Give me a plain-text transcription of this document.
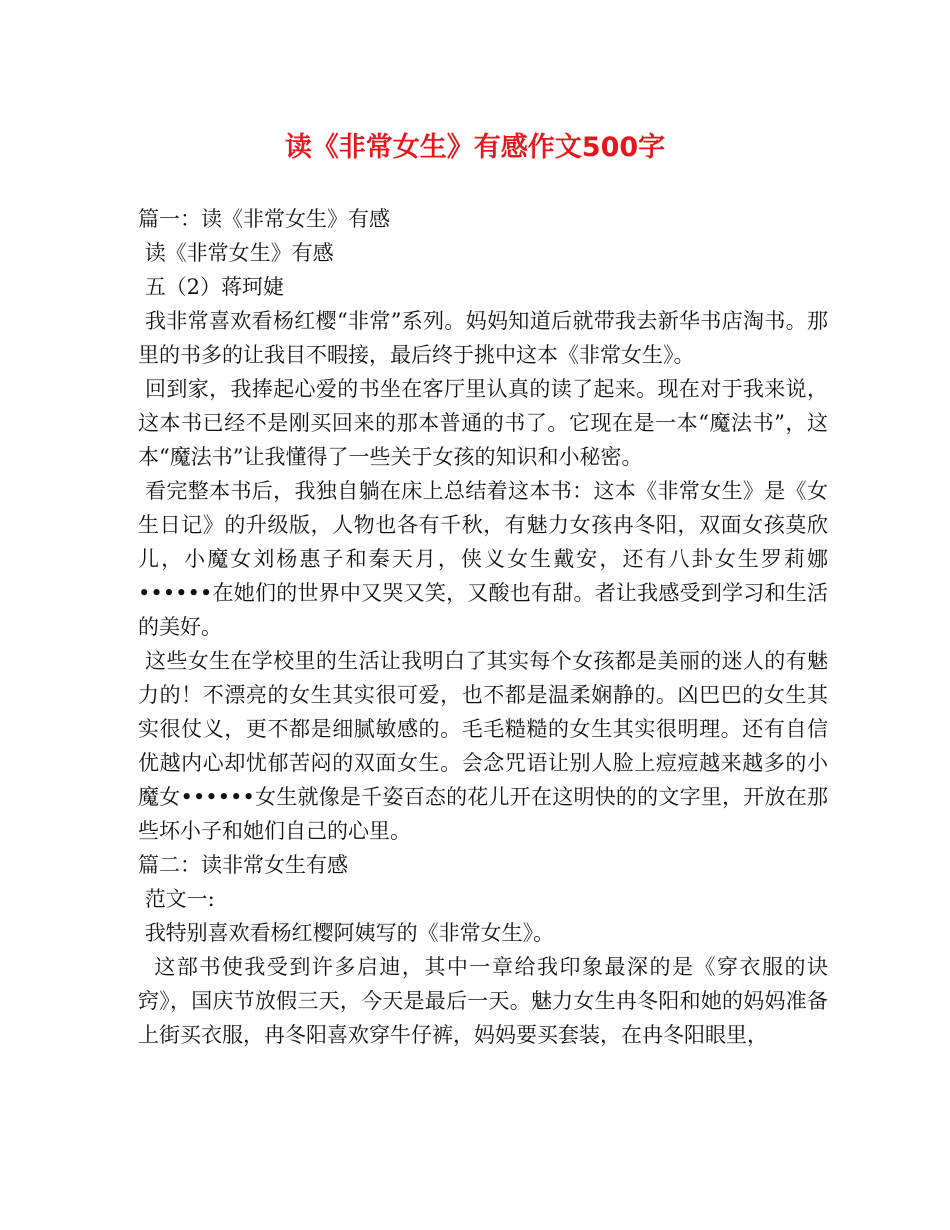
读《非常女生》有感作文500字

篇一：读《非常女生》有感

读《非常女生》有感

五（2）蒋珂婕

我非常喜欢看杨红樱“非常”系列。妈妈知道后就带我去新华书店淘书。那里的书多的让我目不暇接，最后终于挑中这本《非常女生》。

回到家，我捧起心爱的书坐在客厅里认真的读了起来。现在对于我来说，这本书已经不是刚买回来的那本普通的书了。它现在是一本“魔法书”，这本“魔法书”让我懂得了一些关于女孩的知识和小秘密。

看完整本书后，我独自躺在床上总结着这本书：这本《非常女生》是《女生日记》的升级版，人物也各有千秋，有魅力女孩冉冬阳，双面女孩莫欣儿，小魔女刘杨惠子和秦天月，侠义女生戴安，还有八卦女生罗莉娜••••••在她们的世界中又哭又笑，又酸也有甜。者让我感受到学习和生活的美好。

这些女生在学校里的生活让我明白了其实每个女孩都是美丽的迷人的有魅力的！不漂亮的女生其实很可爱，也不都是温柔娴静的。凶巴巴的女生其实很仗义，更不都是细腻敏感的。毛毛糙糙的女生其实很明理。还有自信优越内心却忧郁苦闷的双面女生。会念咒语让别人脸上痘痘越来越多的小魔女••••••女生就像是千姿百态的花儿开在这明快的的文字里，开放在那些坏小子和她们自己的心里。

篇二：读非常女生有感

范文一:

我特别喜欢看杨红樱阿姨写的《非常女生》。

这部书使我受到许多启迪，其中一章给我印象最深的是《穿衣服的诀窍》，国庆节放假三天，今天是最后一天。魅力女生冉冬阳和她的妈妈准备上街买衣服，冉冬阳喜欢穿牛仔裤，妈妈要买套装，在冉冬阳眼里，
